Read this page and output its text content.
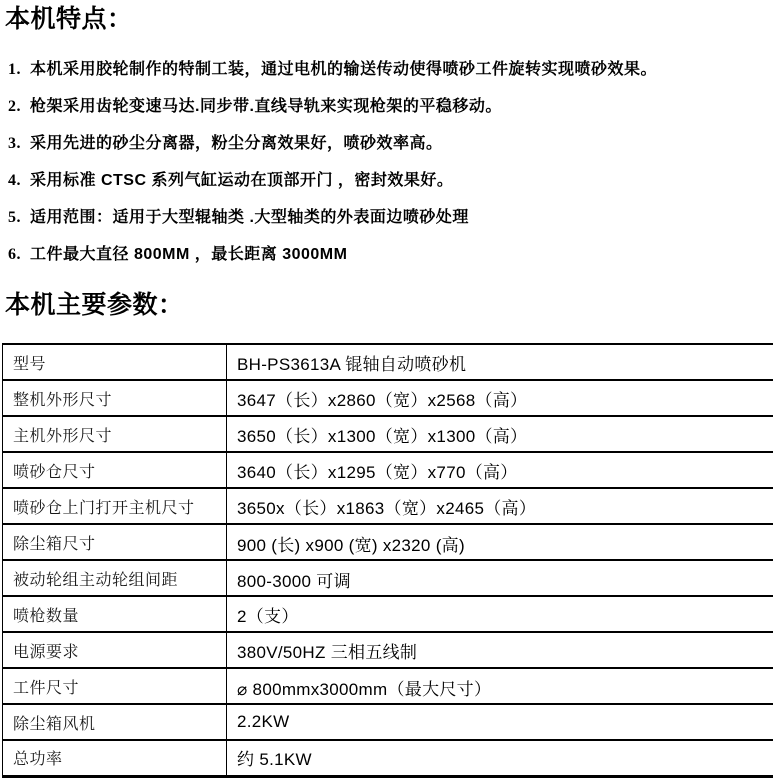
本机特点：
1. 本机采用胶轮制作的特制工装，通过电机的输送传动使得喷砂工件旋转实现喷砂效果。
2. 枪架采用齿轮变速马达.同步带.直线导轨来实现枪架的平稳移动。
3. 采用先进的砂尘分离器，粉尘分离效果好，喷砂效率高。
4. 采用标准 CTSC 系列气缸运动在顶部开门 ，密封效果好。
5. 适用范围：适用于大型辊轴类 .大型轴类的外表面边喷砂处理
6. 工件最大直径 800MM ，最长距离 3000MM
本机主要参数：
型号	BH-PS3613A 锟轴自动喷砂机
整机外形尺寸	3647（长）x2860（宽）x2568（高）
主机外形尺寸	3650（长）x1300（宽）x1300（高）
喷砂仓尺寸	3640（长）x1295（宽）x770（高）
喷砂仓上门打开主机尺寸	3650x（长）x1863（宽）x2465（高）
除尘箱尺寸	900 (长) x900 (宽) x2320 (高)
被动轮组主动轮组间距	800-3000 可调
喷枪数量	2（支）
电源要求	380V/50HZ 三相五线制
工件尺寸	⌀ 800mmx3000mm（最大尺寸）
除尘箱风机	2.2KW
总功率	约 5.1KW
